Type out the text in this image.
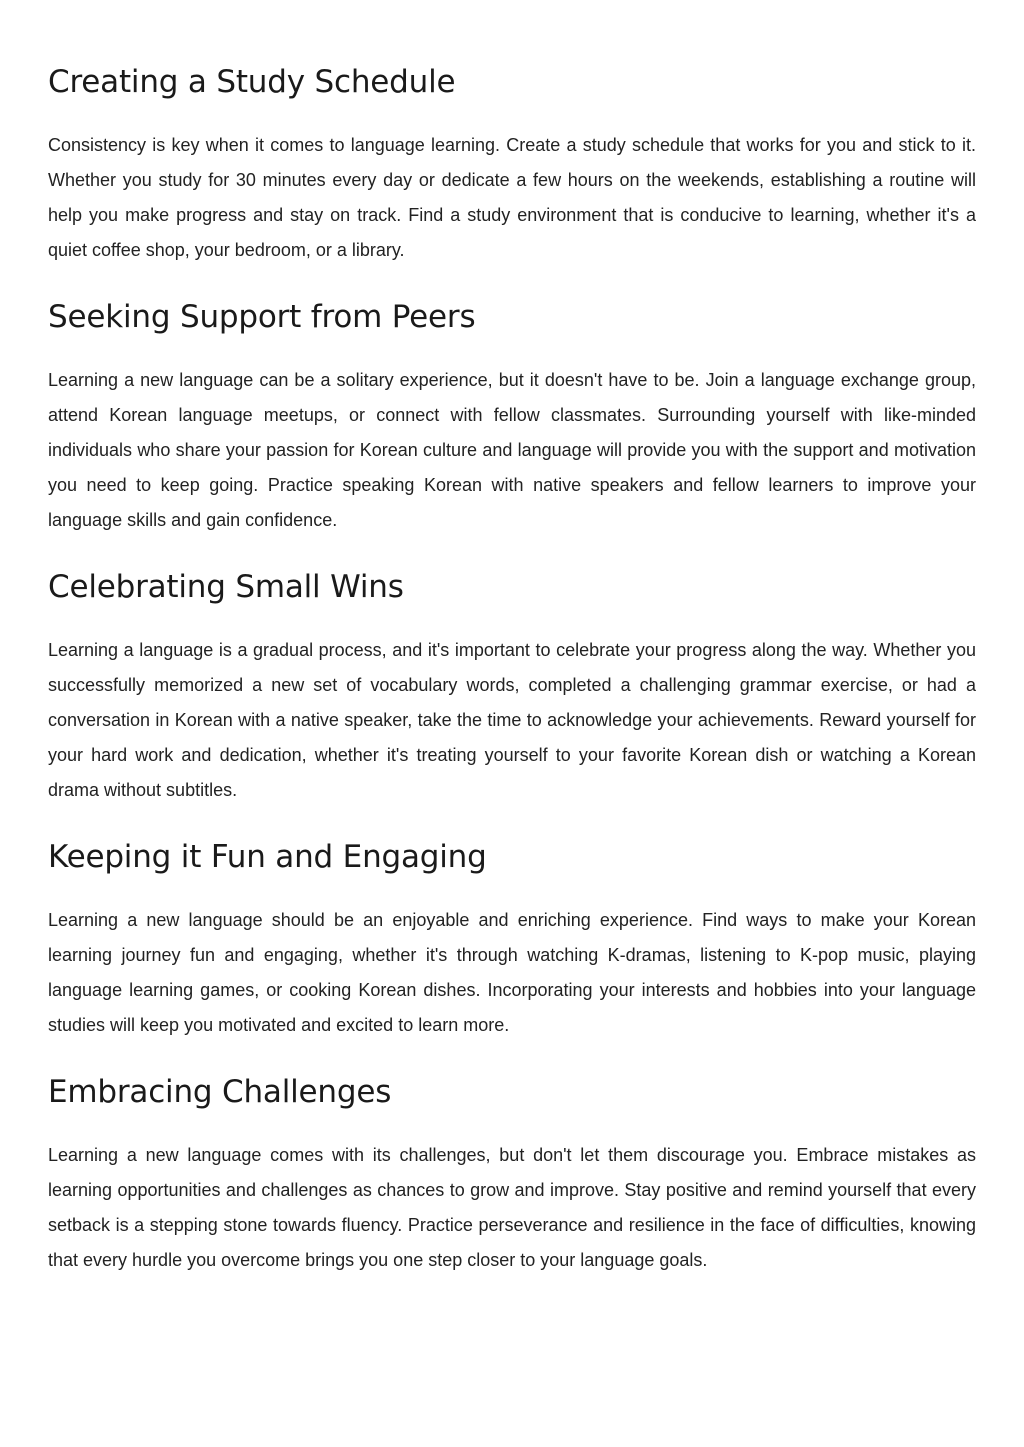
Creating a Study Schedule

Consistency is key when it comes to language learning. Create a study schedule that works for you and stick to it. Whether you study for 30 minutes every day or dedicate a few hours on the weekends, establishing a routine will help you make progress and stay on track. Find a study environment that is conducive to learning, whether it's a quiet coffee shop, your bedroom, or a library.

Seeking Support from Peers

Learning a new language can be a solitary experience, but it doesn't have to be. Join a language exchange group, attend Korean language meetups, or connect with fellow classmates. Surrounding yourself with like-minded individuals who share your passion for Korean culture and language will provide you with the support and motivation you need to keep going. Practice speaking Korean with native speakers and fellow learners to improve your language skills and gain confidence.

Celebrating Small Wins

Learning a language is a gradual process, and it's important to celebrate your progress along the way. Whether you successfully memorized a new set of vocabulary words, completed a challenging grammar exercise, or had a conversation in Korean with a native speaker, take the time to acknowledge your achievements. Reward yourself for your hard work and dedication, whether it's treating yourself to your favorite Korean dish or watching a Korean drama without subtitles.

Keeping it Fun and Engaging

Learning a new language should be an enjoyable and enriching experience. Find ways to make your Korean learning journey fun and engaging, whether it's through watching K-dramas, listening to K-pop music, playing language learning games, or cooking Korean dishes. Incorporating your interests and hobbies into your language studies will keep you motivated and excited to learn more.

Embracing Challenges

Learning a new language comes with its challenges, but don't let them discourage you. Embrace mistakes as learning opportunities and challenges as chances to grow and improve. Stay positive and remind yourself that every setback is a stepping stone towards fluency. Practice perseverance and resilience in the face of difficulties, knowing that every hurdle you overcome brings you one step closer to your language goals.
